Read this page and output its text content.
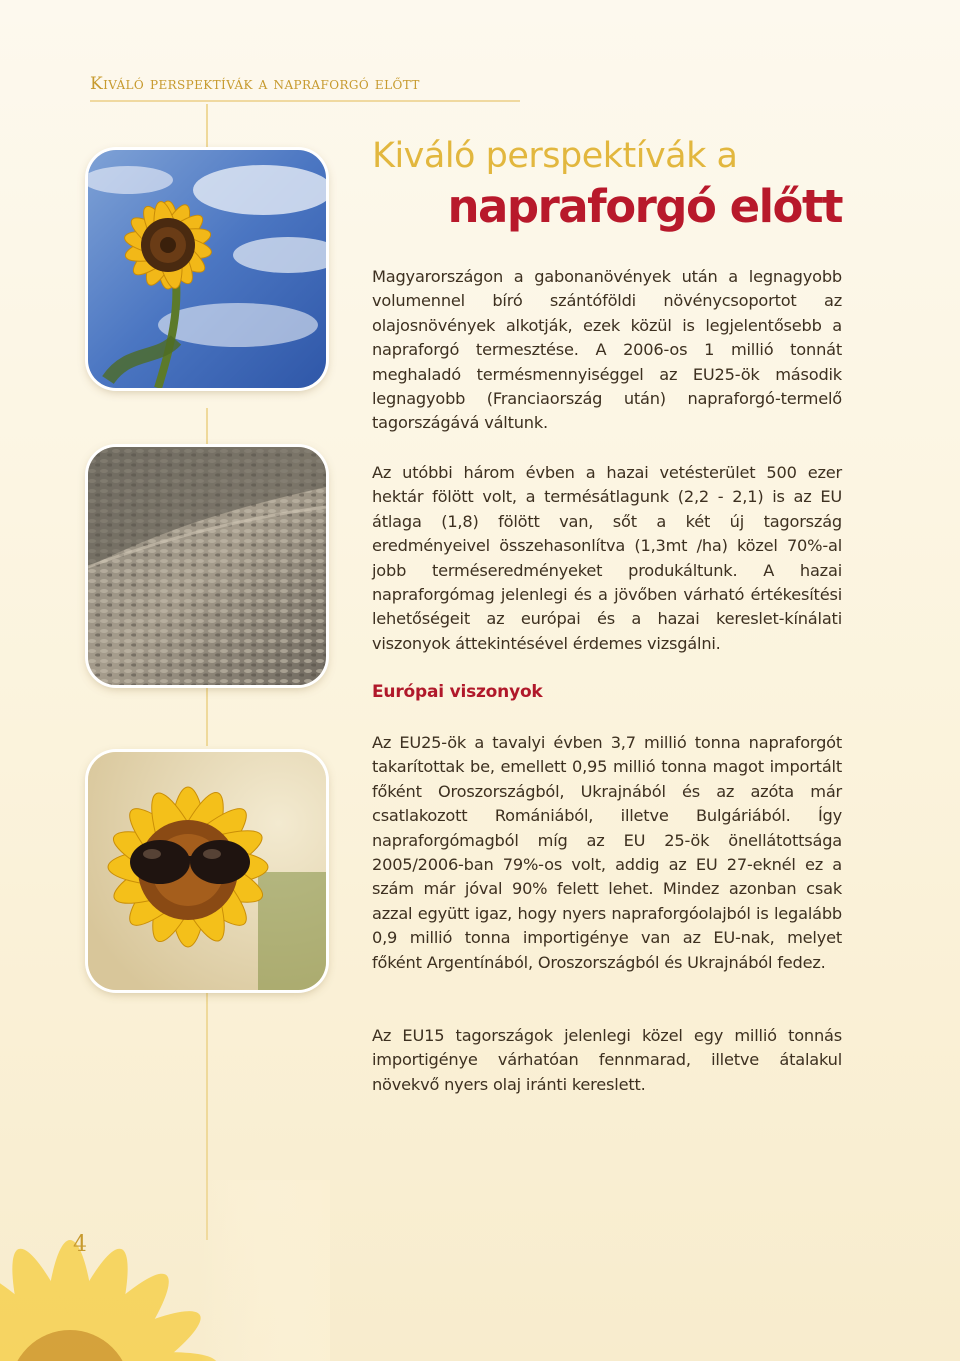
Kiváló perspektívák a napraforgó előtt
Kiváló perspektívák a
napraforgó előtt

Magyarországon a gabonanövények után a legnagyobb volumennel bíró szántóföldi növénycsoportot az olajosnövények alkotják, ezek közül is legjelentősebb a napraforgó termesztése. A 2006-os 1 millió tonnát meghaladó termésmennyiséggel az EU25-ök második legnagyobb (Franciaország után) napraforgó-termelő tagországává váltunk.

Az utóbbi három évben a hazai vetésterület 500 ezer hektár fölött volt, a termésátlagunk (2,2 - 2,1) is az EU átlaga (1,8) fölött van, sőt a két új tagország eredményeivel összehasonlítva (1,3mt /ha) közel 70%-al jobb terméseredményeket produkáltunk. A hazai napraforgómag jelenlegi és a jövőben várható értékesítési lehetőségeit az európai és a hazai kereslet-kínálati viszonyok áttekintésével érdemes vizsgálni.

Európai viszonyok

Az EU25-ök a tavalyi évben 3,7 millió tonna napraforgót takarítottak be, emellett 0,95 millió tonna magot importált főként Oroszországból, Ukrajnából és az azóta már csatlakozott Romániából, illetve Bulgáriából. Így napraforgómagból míg az EU 25-ök önellátottsága 2005/2006-ban 79%-os volt, addig az EU 27-eknél ez a szám már jóval 90% felett lehet. Mindez azonban csak azzal együtt igaz, hogy nyers napraforgóolajból is legalább 0,9 millió tonna importigénye van az EU-nak, melyet főként Argentínából, Oroszországból és Ukrajnából fedez.

Az EU15 tagországok jelenlegi közel egy millió tonnás importigénye várhatóan fennmarad, illetve átalakul növekvő nyers olaj iránti kereslett.

4
